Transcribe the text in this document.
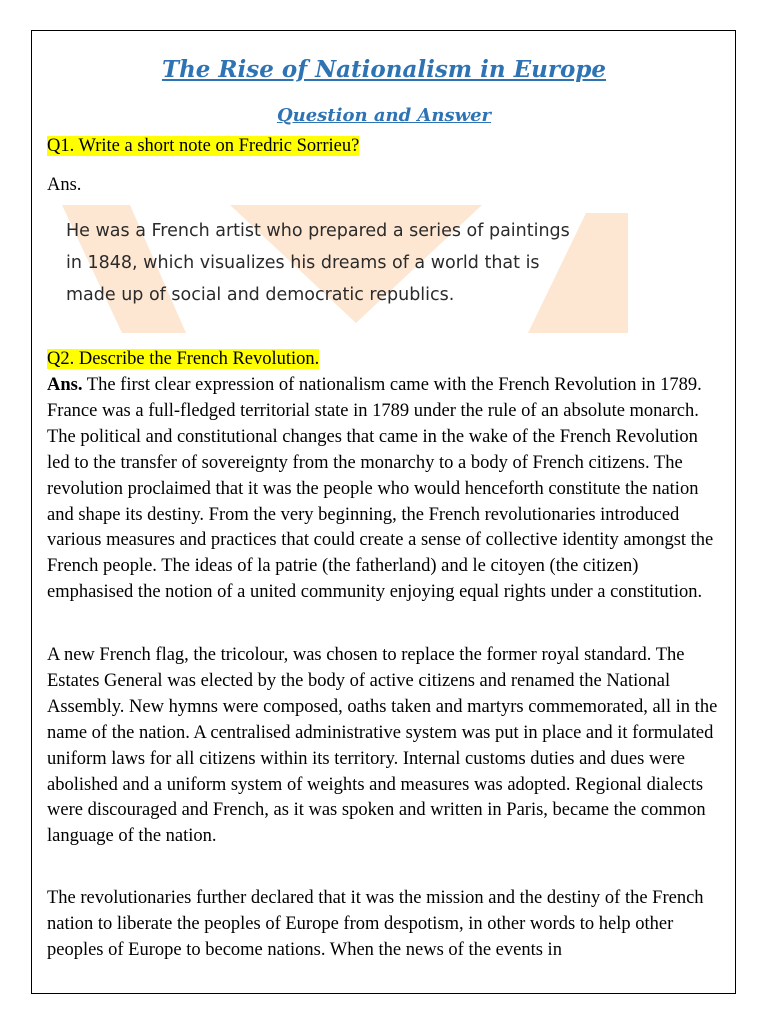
The Rise of Nationalism in Europe
Question and Answer
Q1. Write a short note on Fredric Sorrieu?
Ans.
He was a French artist who prepared a series of paintings
in 1848, which visualizes his dreams of a world that is
made up of social and democratic republics.
Q2. Describe the French Revolution.

Ans. The first clear expression of nationalism came with the French Revolution in 1789. France was a full-fledged territorial state in 1789 under the rule of an absolute monarch. The political and constitutional changes that came in the wake of the French Revolution led to the transfer of sovereignty from the monarchy to a body of French citizens. The revolution proclaimed that it was the people who would henceforth constitute the nation and shape its destiny. From the very beginning, the French revolutionaries introduced various measures and practices that could create a sense of collective identity amongst the French people. The ideas of la patrie (the fatherland) and le citoyen (the citizen) emphasised the notion of a united community enjoying equal rights under a constitution.

A new French flag, the tricolour, was chosen to replace the former royal standard. The Estates General was elected by the body of active citizens and renamed the National Assembly. New hymns were composed, oaths taken and martyrs commemorated, all in the name of the nation. A centralised administrative system was put in place and it formulated uniform laws for all citizens within its territory. Internal customs duties and dues were abolished and a uniform system of weights and measures was adopted. Regional dialects were discouraged and French, as it was spoken and written in Paris, became the common language of the nation.

The revolutionaries further declared that it was the mission and the destiny of the French nation to liberate the peoples of Europe from despotism, in other words to help other peoples of Europe to become nations. When the news of the events in
